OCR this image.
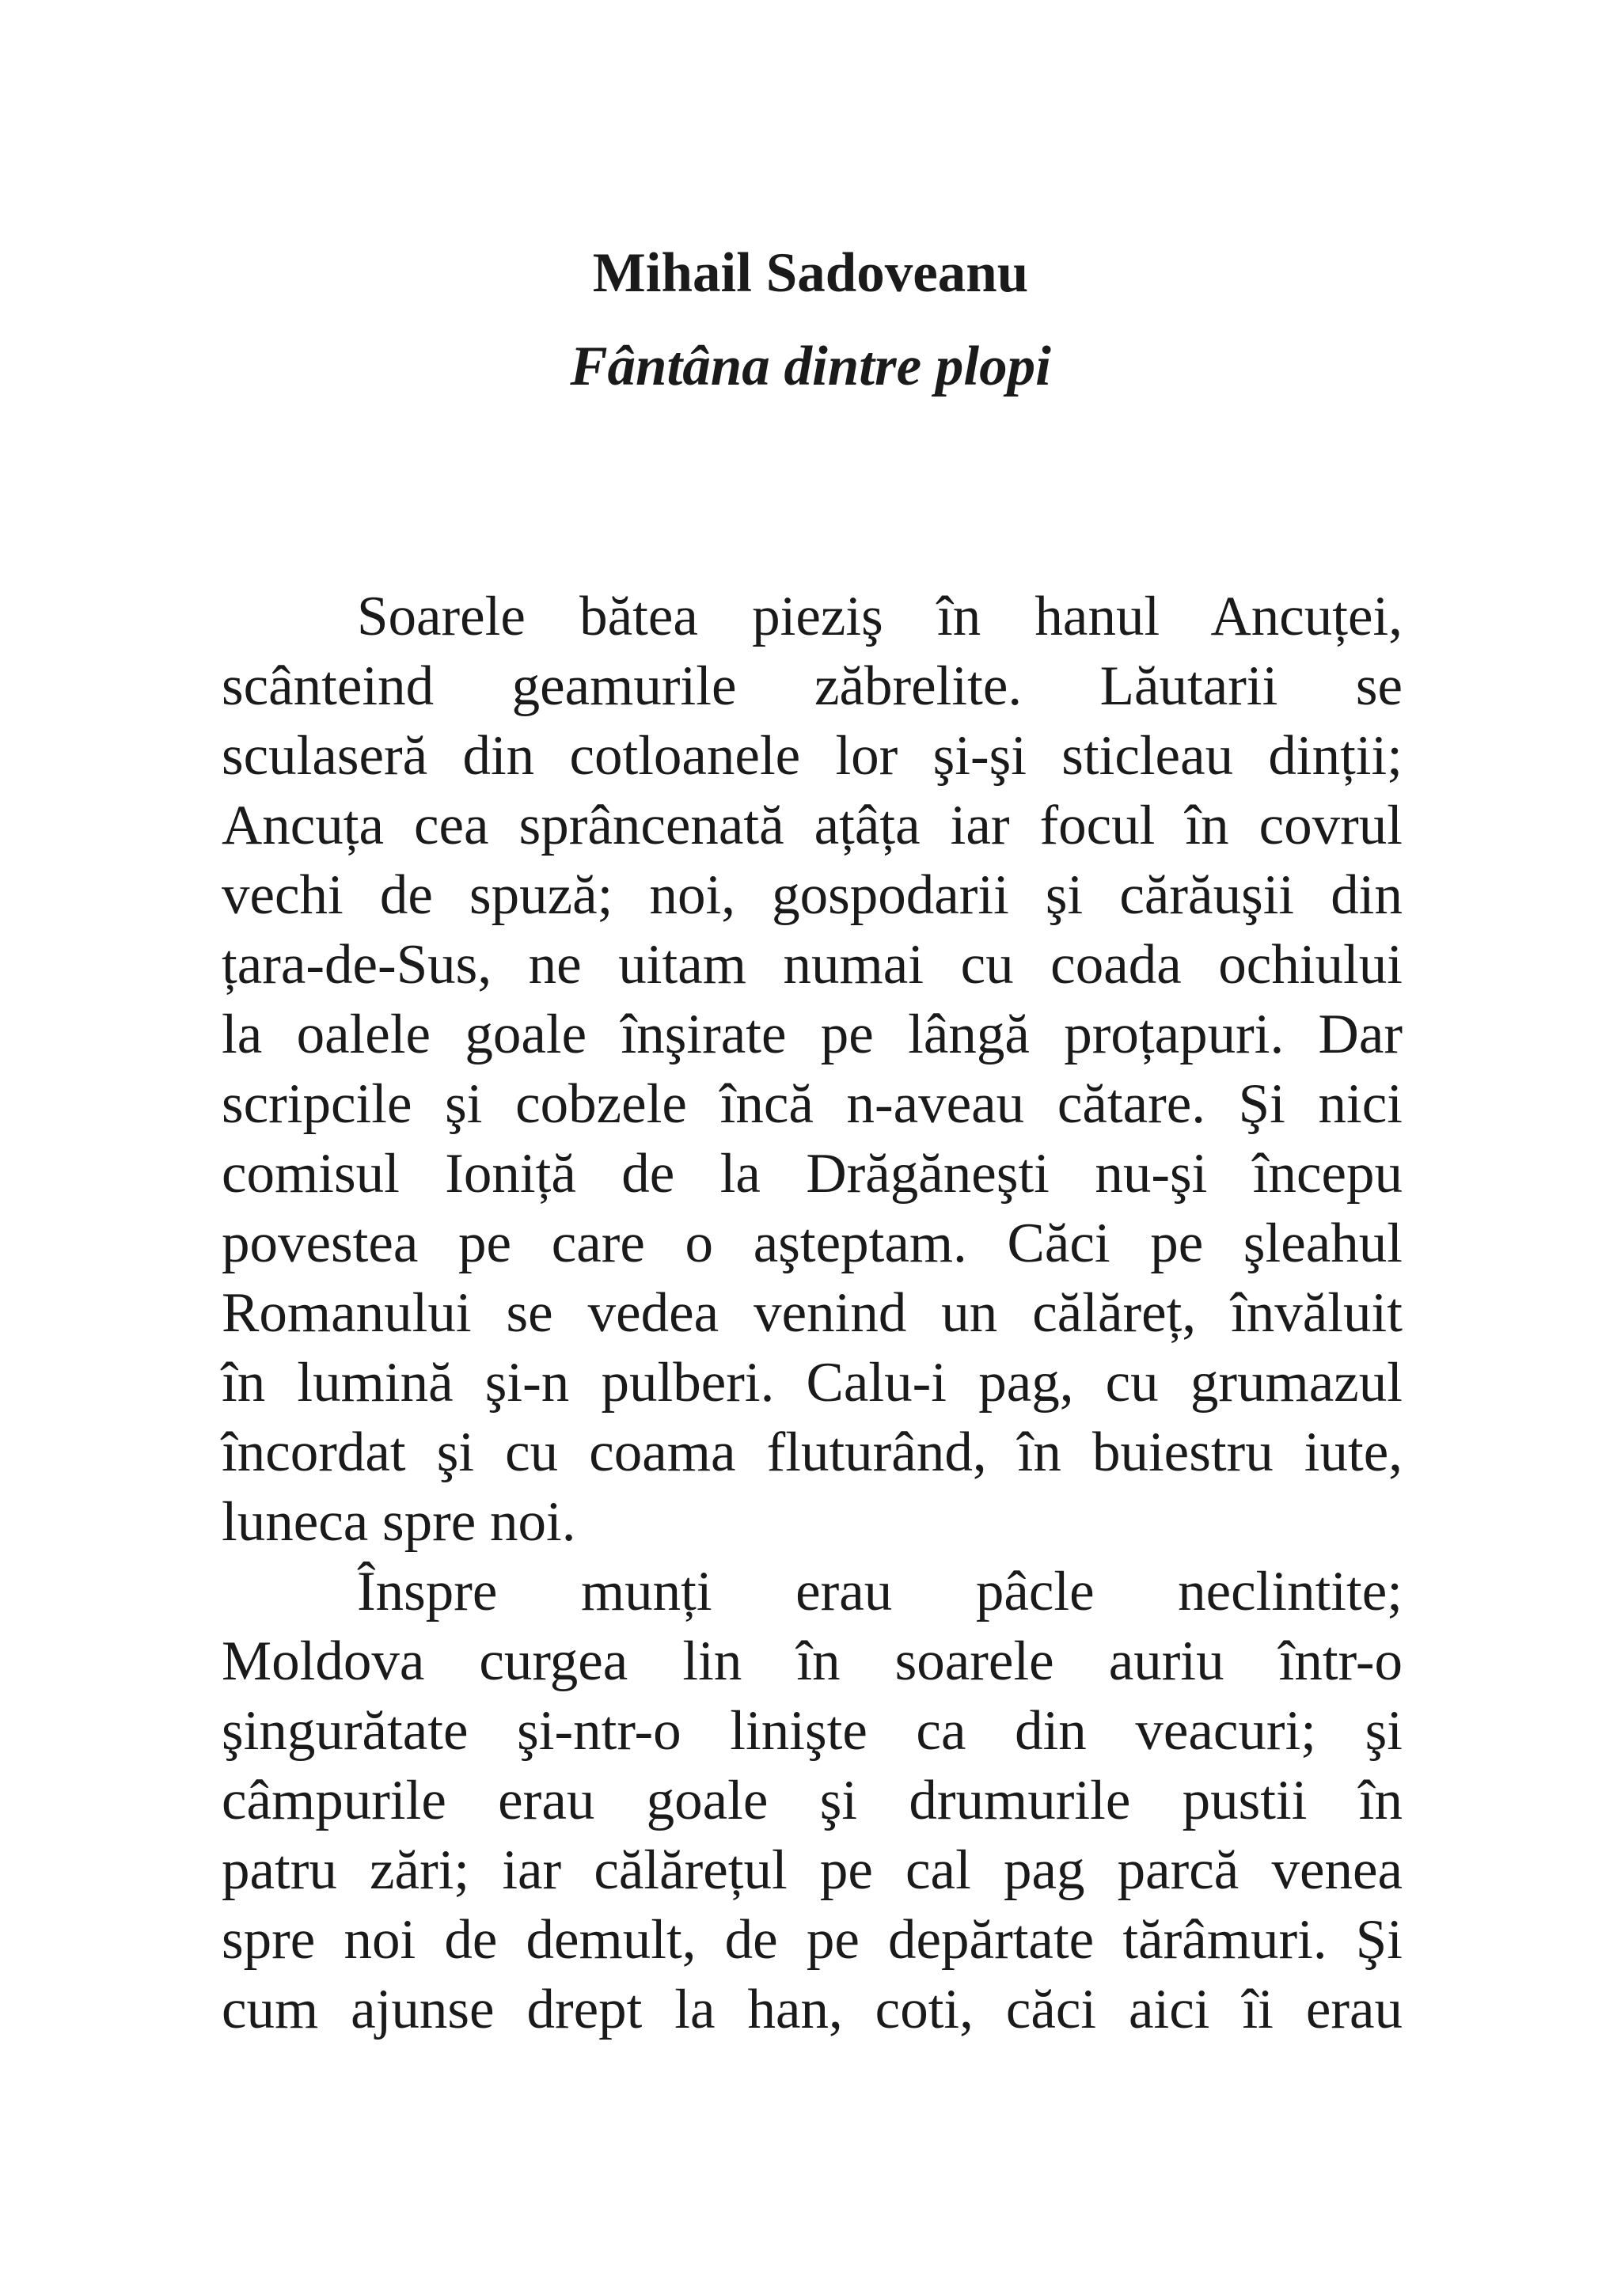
Mihail Sadoveanu
Fântâna dintre plopi
Soarele bătea pieziş în hanul Ancuței,
scânteind geamurile zăbrelite. Lăutarii se
sculaseră din cotloanele lor şi-şi sticleau dinții;
Ancuța cea sprâncenată ațâța iar focul în covrul
vechi de spuză; noi, gospodarii şi cărăuşii din
țara-de-Sus, ne uitam numai cu coada ochiului
la oalele goale înşirate pe lângă proțapuri. Dar
scripcile şi cobzele încă n-aveau cătare. Şi nici
comisul Ioniță de la Drăgăneşti nu-şi începu
povestea pe care o aşteptam. Căci pe şleahul
Romanului se vedea venind un călăreț, învăluit
în lumină şi-n pulberi. Calu-i pag, cu grumazul
încordat şi cu coama fluturând, în buiestru iute,
luneca spre noi.
Înspre munți erau pâcle neclintite;
Moldova curgea lin în soarele auriu într-o
şingurătate şi-ntr-o linişte ca din veacuri; şi
câmpurile erau goale şi drumurile pustii în
patru zări; iar călărețul pe cal pag parcă venea
spre noi de demult, de pe depărtate tărâmuri. Şi
cum ajunse drept la han, coti, căci aici îi erau
